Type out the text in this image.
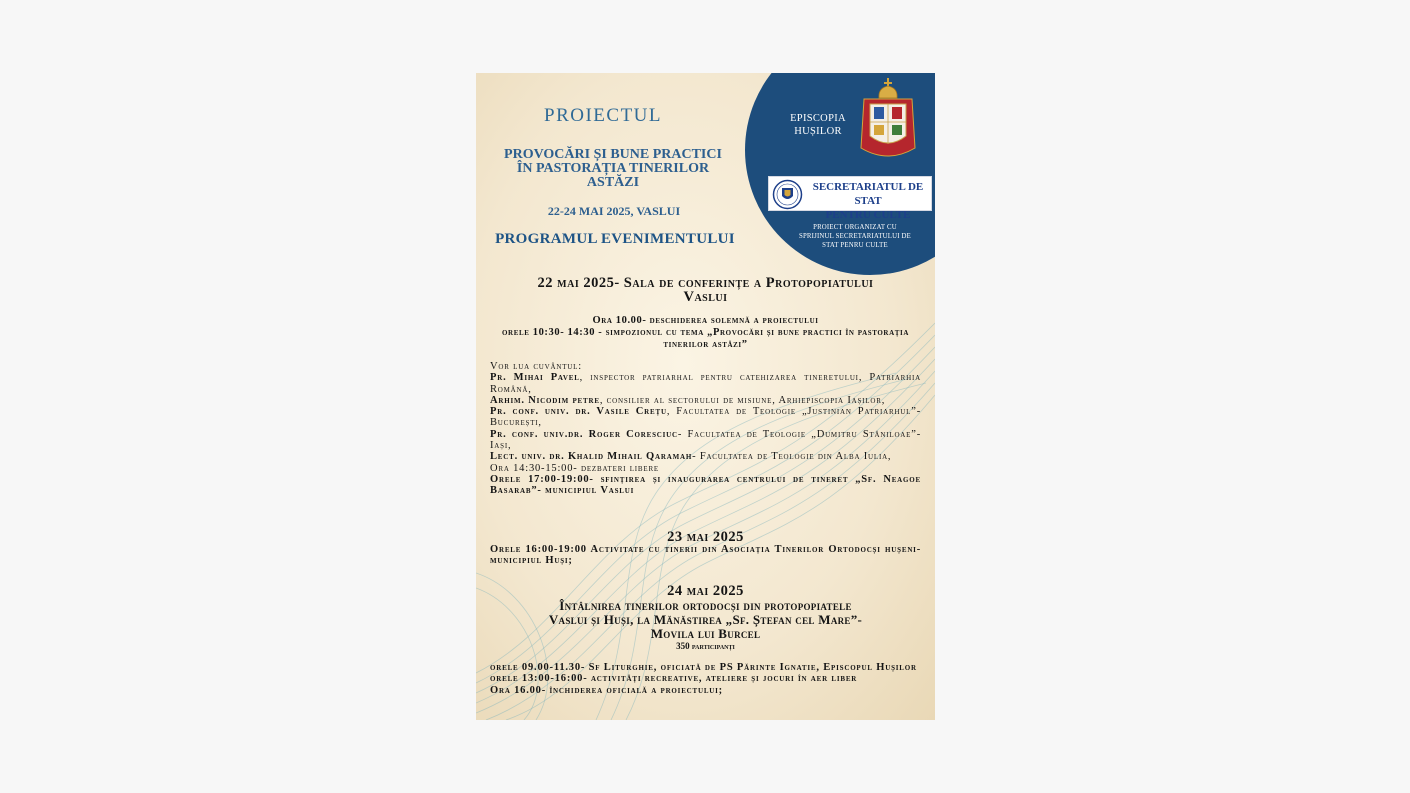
EPISCOPIA
HUȘILOR
SECRETARIATUL DE STAT
PENTRU CULTE
PROIECT ORGANIZAT CU
SPRIJINUL SECRETARIATULUI DE
STAT PENRU CULTE
PROIECTUL
PROVOCĂRI ȘI BUNE PRACTICI
ÎN PASTORAȚIA TINERILOR
ASTĂZI
22-24 MAI 2025, VASLUI
PROGRAMUL EVENIMENTULUI
22 mai 2025- Sala de conferințe a Protopopiatului
Vaslui
Ora 10.00- deschiderea solemnă a proiectului
orele 10:30- 14:30 - simpozionul cu tema „Provocări și bune practici în pastorația tinerilor astăzi”
Vor lua cuvântul:
Pr. Mihai Pavel, inspector patriarhal pentru catehizarea tineretului, Patriarhia Română,
Arhim. Nicodim petre, consilier al sectorului de misiune, Arhiepiscopia Iașilor,
Pr. conf. univ. dr. Vasile Crețu, Facultatea de Teologie „Justinian Patriarhul”- București,
Pr. conf. univ.dr. Roger Coresciuc- Facultatea de Teologie „Dumitru Stăniloae”- Iași,
Lect. univ. dr. Khalid Mihail Qaramah- Facultatea de Teologie din Alba Iulia,
Ora 14:30-15:00- dezbateri libere
Orele 17:00-19:00- sfințirea și inaugurarea centrului de tineret „Sf. Neagoe Basarab”- municipiul Vaslui
23 mai 2025
Orele 16:00-19:00 Activitate cu tinerii din Asociația Tinerilor Ortodocși hușeni- municipiul Huși;
24 mai 2025
Întâlnirea tinerilor ortodocși din protopopiatele
Vaslui și Huși, la Mănăstirea „Sf. Ștefan cel Mare”-
Movila lui Burcel
350 participanți
orele 09.00-11.30- Sf Liturghie, oficiată de PS Părinte Ignatie, Episcopul Hușilor
orele 13:00-16:00- activități recreative, ateliere și jocuri în aer liber
Ora 16.00- închiderea oficială a proiectului;
